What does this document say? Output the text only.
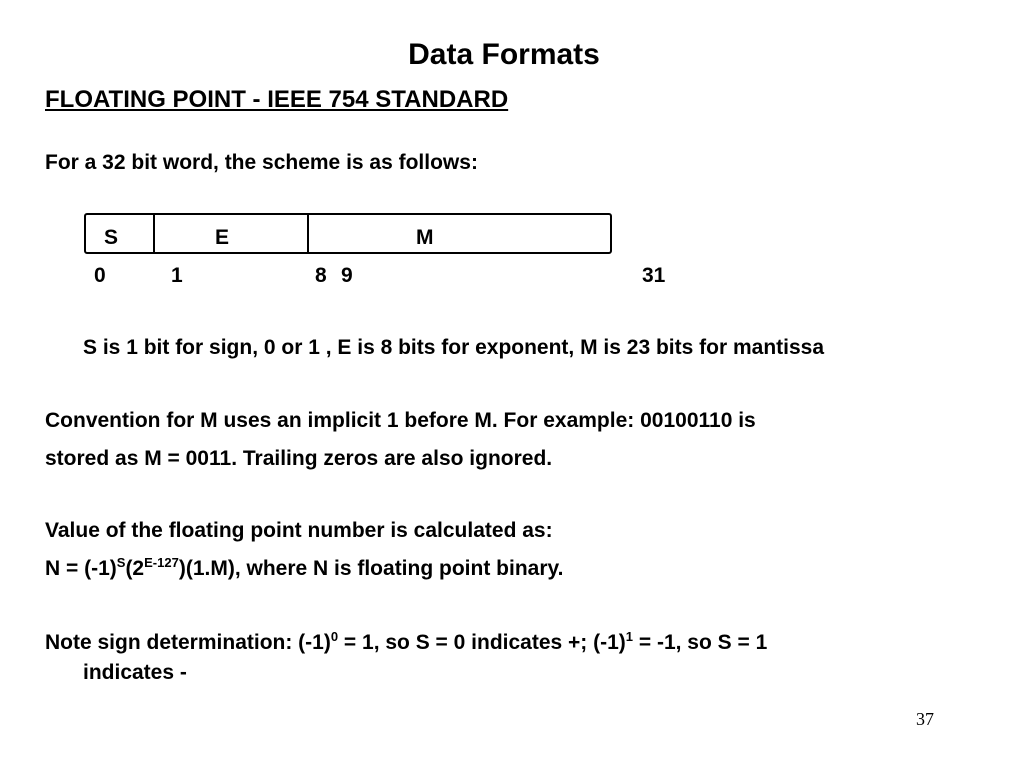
Data Formats
FLOATING POINT - IEEE 754 STANDARD
For a 32 bit word, the scheme is as follows:
S	E	M
0	1	8 9	31
S is 1 bit for sign, 0 or 1 , E is 8 bits for exponent, M is 23 bits for mantissa
Convention for M uses an implicit 1 before M. For example: 00100110 is
stored as M = 0011. Trailing zeros are also ignored.
Value of the floating point number is calculated as:
$N = (-1)^S(2^{E-127})(1.M)$, where N is floating point binary.
Note sign determination: $(-1)^0 = 1$, so S = 0 indicates +; $(-1)^1 = -1$, so S = 1
indicates -
37
